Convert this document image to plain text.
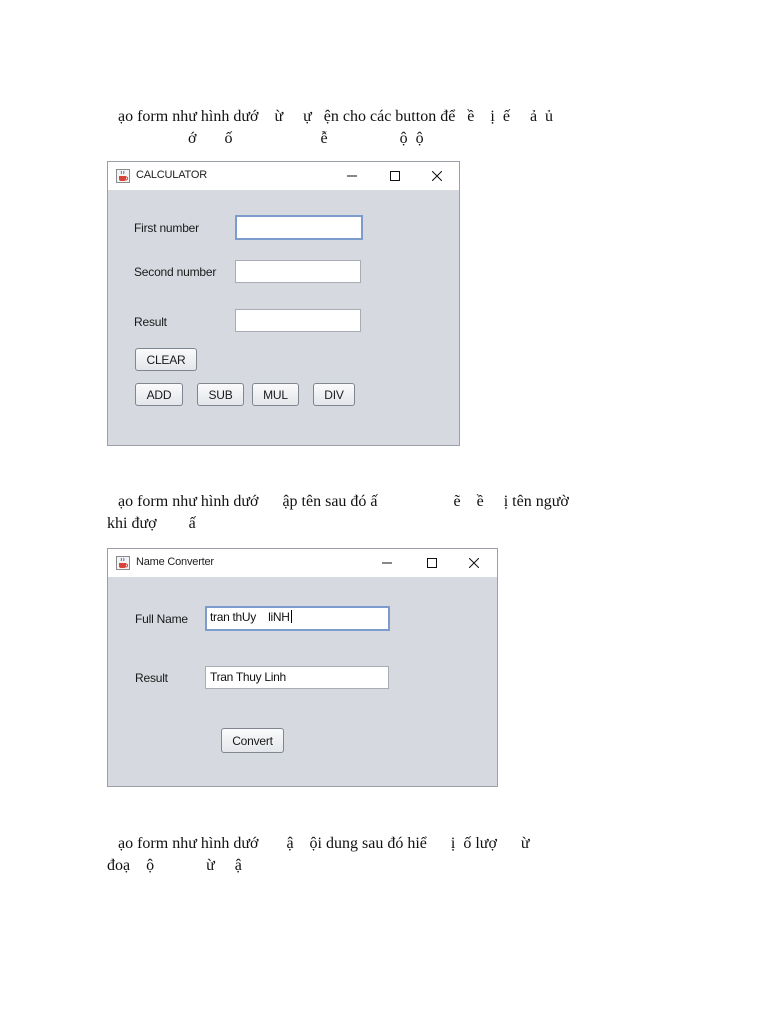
ạo form như hình dướ    ừ     ự   ện cho các button để   ề    ị  ế     ả  ủ

ớ       ố                      ễ                  ộ  ộ

CALCULATOR
First number
Second number
Result
CLEAR
ADD	SUB	MUL	DIV

ạo form như hình dướ      ập tên sau đó ấ                   ẽ    ề     ị tên ngườ

khi đượ        ấ

Name Converter
Full Name	tran thUy    liNH
Result	Tran Thuy Linh
Convert

ạo form như hình dướ       ậ    ội dung sau đó hiể      ị  ố lượ      ừ

đoạ    ộ             ừ     ậ
